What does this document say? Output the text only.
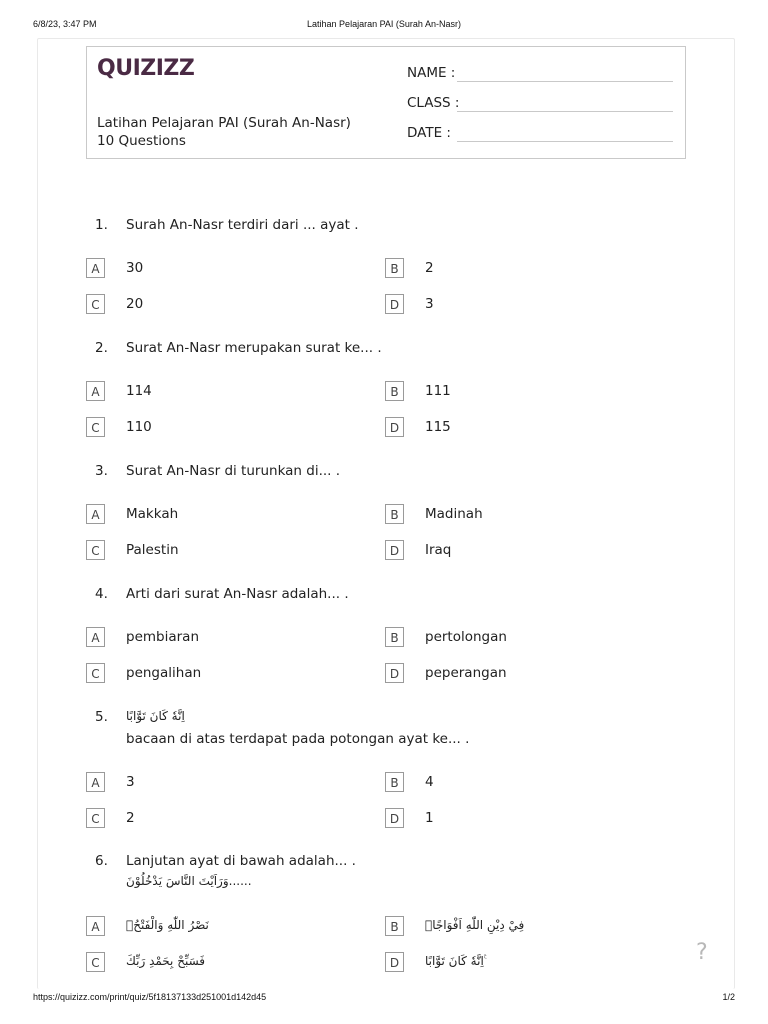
Latihan Pelajaran PAI (Surah An-Nasr)
6/8/23, 3:47 PM
QUIZIZZ
Latihan Pelajaran PAI (Surah An-Nasr)
10 Questions
NAME :
CLASS :
DATE :
1. Surah An-Nasr terdiri dari ... ayat .
A	30	B	2
C	20	D	3
2. Surat An-Nasr merupakan surat ke... .
A	114	B	111
C	110	D	115
3. Surat An-Nasr di turunkan di... .
A	Makkah	B	Madinah
C	Palestin	D	Iraq
4. Arti dari surat An-Nasr adalah... .
A	pembiaran	B	pertolongan
C	pengalihan	D	peperangan
5. اِنَّهٗ كَانَ تَوَّابًا
bacaan di atas terdapat pada potongan ayat ke... .
A	3	B	4
C	2	D	1
6. Lanjutan ayat di bawah adalah... .
وَرَاَيْتَ النَّاسَ يَدْخُلُوْنَ......
A	نَصْرُ اللّٰهِ وَالْفَتْحُۙ	B	فِيْ دِيْنِ اللّٰهِ اَفْوَاجًاۙ
C	فَسَبِّحْ بِحَمْدِ رَبِّكَ	D	اِنَّهٗ كَانَ تَوَّابًا ࣖ	?
https://quizizz.com/print/quiz/5f18137133d251001d142d45	1/2
